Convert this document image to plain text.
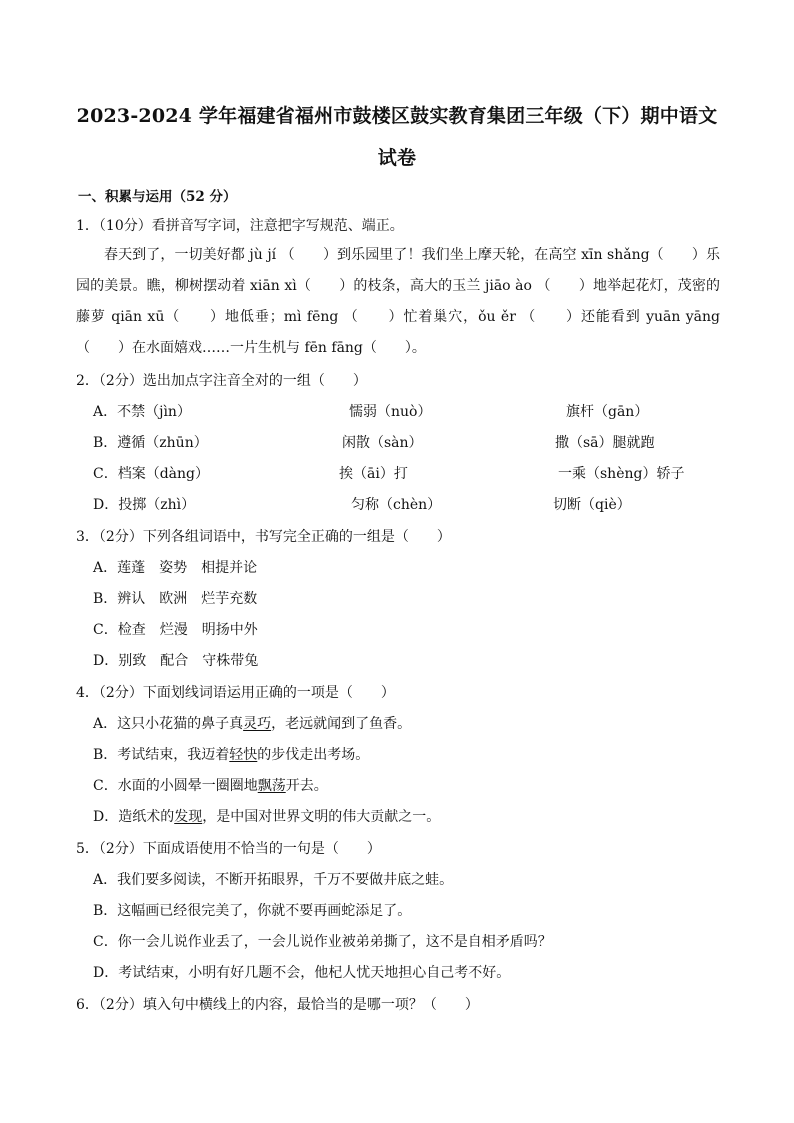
2023-2024 学年福建省福州市鼓楼区鼓实教育集团三年级（下）期中语文
试卷
一、积累与运用（52 分）
1．（10分）看拼音写字词，注意把字写规范、端正。
春天到了，一切美好都 jù jí （　　）到乐园里了！我们坐上摩天轮，在高空 xīn shǎng（　　）乐 园的美景。瞧，柳树摆动着 xiān xì（　　）的枝条，高大的玉兰 jiāo ào （　　）地举起花灯，茂密的 藤萝 qiān xū（　　）地低垂；mì fēng （　　）忙着巢穴，ǒu ěr （　　）还能看到 yuān yāng （　　）在水面嬉戏……一片生机与 fēn fāng（　　）。
2．（2分）选出加点字注音全对的一组（　　）
A．不禁（jìn）	懦弱（nuò）	旗杆（gān）
B．遵循（zhūn）	闲散（sàn）	撒（sā）腿就跑
C．档案（dàng）	挨（āi）打	一乘（shèng）轿子
D．投掷（zhì）	匀称（chèn）	切断（qiè）
3．（2分）下列各组词语中，书写完全正确的一组是（　　）
A．莲蓬　姿势　相提并论
B．辨认　欧洲　烂芋充数
C．检查　烂漫　明扬中外
D．别致　配合　守株带兔
4．（2分）下面划线词语运用正确的一项是（　　）
A．这只小花猫的鼻子真灵巧，老远就闻到了鱼香。
B．考试结束，我迈着轻快的步伐走出考场。
C．水面的小圆晕一圈圈地飘荡开去。
D．造纸术的发现，是中国对世界文明的伟大贡献之一。
5．（2分）下面成语使用不恰当的一句是（　　）
A．我们要多阅读，不断开拓眼界，千万不要做井底之蛙。
B．这幅画已经很完美了，你就不要再画蛇添足了。
C．你一会儿说作业丢了，一会儿说作业被弟弟撕了，这不是自相矛盾吗？
D．考试结束，小明有好几题不会，他杞人忧天地担心自己考不好。
6．（2分）填入句中横线上的内容，最恰当的是哪一项？（　　）
